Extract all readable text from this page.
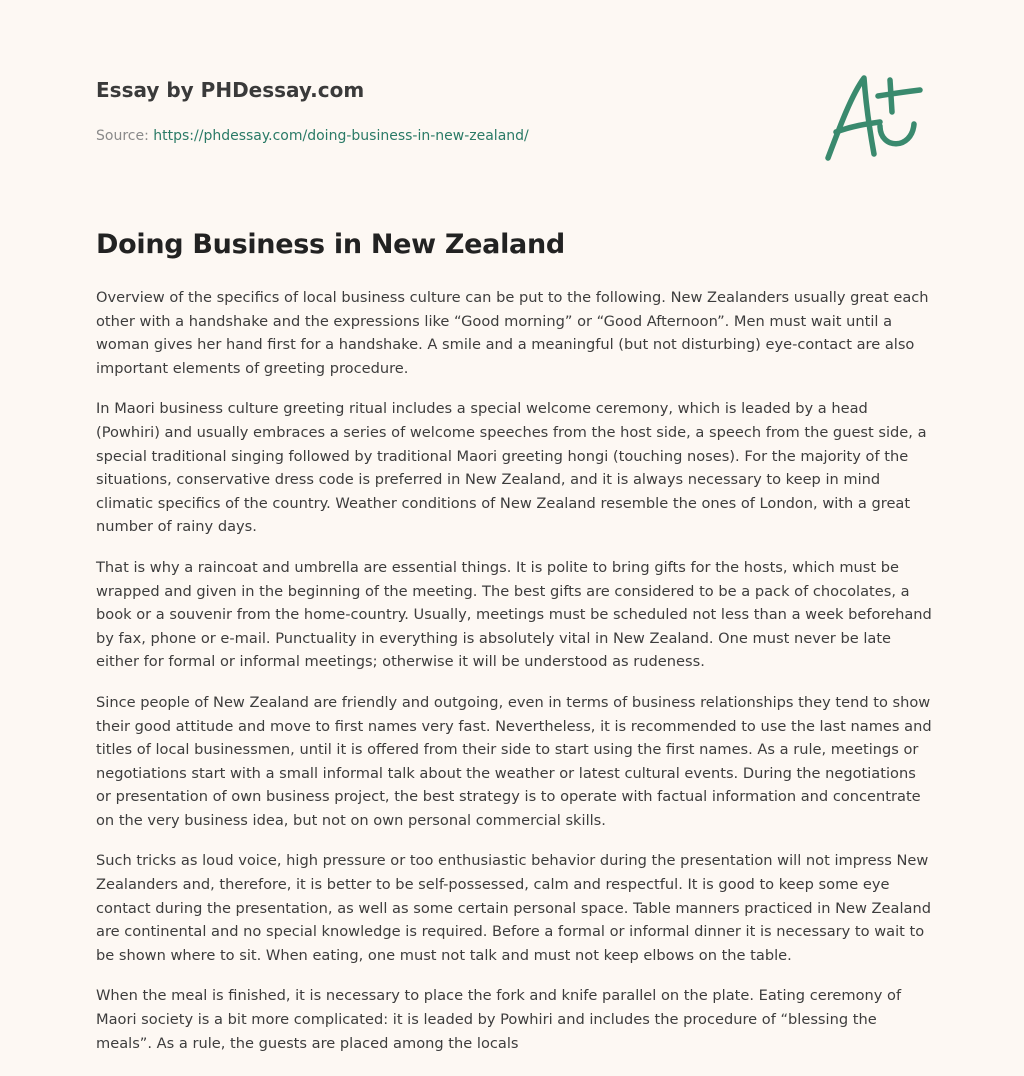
Essay by PHDessay.com
Source: https://phdessay.com/doing-business-in-new-zealand/
Doing Business in New Zealand

Overview of the specifics of local business culture can be put to the following. New Zealanders usually great each other with a handshake and the expressions like “Good morning” or “Good Afternoon”. Men must wait until a woman gives her hand first for a handshake. A smile and a meaningful (but not disturbing) eye-contact are also important elements of greeting procedure.

In Maori business culture greeting ritual includes a special welcome ceremony, which is leaded by a head (Powhiri) and usually embraces a series of welcome speeches from the host side, a speech from the guest side, a special traditional singing followed by traditional Maori greeting hongi (touching noses). For the majority of the situations, conservative dress code is preferred in New Zealand, and it is always necessary to keep in mind climatic specifics of the country. Weather conditions of New Zealand resemble the ones of London, with a great number of rainy days.

That is why a raincoat and umbrella are essential things. It is polite to bring gifts for the hosts, which must be wrapped and given in the beginning of the meeting. The best gifts are considered to be a pack of chocolates, a book or a souvenir from the home-country. Usually, meetings must be scheduled not less than a week beforehand by fax, phone or e-mail. Punctuality in everything is absolutely vital in New Zealand. One must never be late either for formal or informal meetings; otherwise it will be understood as rudeness.

Since people of New Zealand are friendly and outgoing, even in terms of business relationships they tend to show their good attitude and move to first names very fast. Nevertheless, it is recommended to use the last names and titles of local businessmen, until it is offered from their side to start using the first names. As a rule, meetings or negotiations start with a small informal talk about the weather or latest cultural events. During the negotiations or presentation of own business project, the best strategy is to operate with factual information and concentrate on the very business idea, but not on own personal commercial skills.

Such tricks as loud voice, high pressure or too enthusiastic behavior during the presentation will not impress New Zealanders and, therefore, it is better to be self-possessed, calm and respectful. It is good to keep some eye contact during the presentation, as well as some certain personal space. Table manners practiced in New Zealand are continental and no special knowledge is required. Before a formal or informal dinner it is necessary to wait to be shown where to sit. When eating, one must not talk and must not keep elbows on the table.

When the meal is finished, it is necessary to place the fork and knife parallel on the plate. Eating ceremony of Maori society is a bit more complicated: it is leaded by Powhiri and includes the procedure of “blessing the meals”. As a rule, the guests are placed among the locals
